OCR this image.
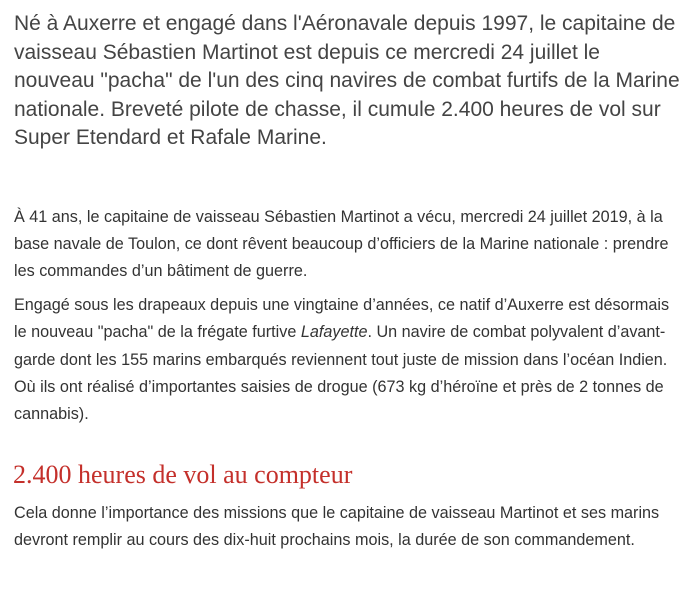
Né à Auxerre et engagé dans l'Aéronavale depuis 1997, le capitaine de vaisseau Sébastien Martinot est depuis ce mercredi 24 juillet le nouveau "pacha" de l'un des cinq navires de combat furtifs de la Marine nationale. Breveté pilote de chasse, il cumule 2.400 heures de vol sur Super Etendard et Rafale Marine.

À 41 ans, le capitaine de vaisseau Sébastien Martinot a vécu, mercredi 24 juillet 2019, à la base navale de Toulon, ce dont rêvent beaucoup d’officiers de la Marine nationale : prendre les commandes d’un bâtiment de guerre.

Engagé sous les drapeaux depuis une vingtaine d’années, ce natif d’Auxerre est désormais le nouveau "pacha" de la frégate furtive Lafayette. Un navire de combat polyvalent d’avant-garde dont les 155 marins embarqués reviennent tout juste de mission dans l’océan Indien. Où ils ont réalisé d’importantes saisies de drogue (673 kg d’héroïne et près de 2 tonnes de cannabis).

2.400 heures de vol au compteur

Cela donne l’importance des missions que le capitaine de vaisseau Martinot et ses marins devront remplir au cours des dix-huit prochains mois, la durée de son commandement.
